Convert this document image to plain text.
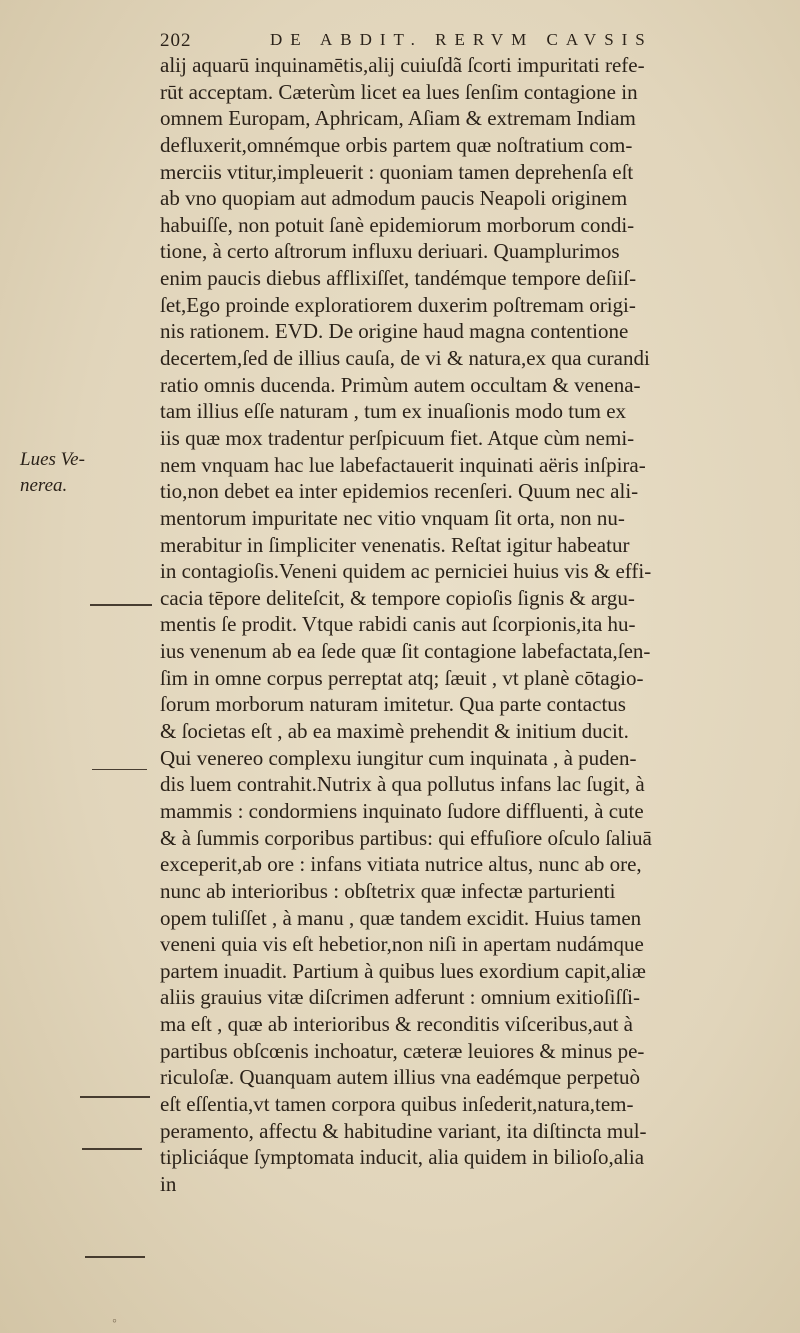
202	DE ABDIT. RERVM CAVSIS
Lues Ve-
nerea.
alij aquarū inquinamētis,alij cuiuſdã ſcorti impuritati refe-
rūt acceptam. Cæterùm licet ea lues ſenſim contagione in
omnem Europam, Aphricam, Aſiam & extremam Indiam
defluxerit,omnémque orbis partem quæ noſtratium com-
merciis vtitur,impleuerit : quoniam tamen deprehenſa eſt
ab vno quopiam aut admodum paucis Neapoli originem
habuiſſe, non potuit ſanè epidemiorum morborum condi-
tione, à certo aſtrorum influxu deriuari. Quamplurimos
enim paucis diebus afflixiſſet, tandémque tempore deſiiſ-
ſet,Ego proinde exploratiorem duxerim poſtremam origi-
nis rationem. EVD. De origine haud magna contentione
decertem,ſed de illius cauſa, de vi & natura,ex qua curandi
ratio omnis ducenda. Primùm autem occultam & venena-
tam illius eſſe naturam , tum ex inuaſionis modo tum ex
iis quæ mox tradentur perſpicuum fiet. Atque cùm nemi-
nem vnquam hac lue labefactauerit inquinati aëris inſpira-
tio,non debet ea inter epidemios recenſeri. Quum nec ali-
mentorum impuritate nec vitio vnquam ſit orta, non nu-
merabitur in ſimpliciter venenatis. Reſtat igitur habeatur
in contagioſis.Veneni quidem ac perniciei huius vis & effi-
cacia tēpore deliteſcit, & tempore copioſis ſignis & argu-
mentis ſe prodit. Vtque rabidi canis aut ſcorpionis,ita hu-
ius venenum ab ea ſede quæ ſit contagione labefactata,ſen-
ſim in omne corpus perreptat atq; ſæuit , vt planè cōtagio-
ſorum morborum naturam imitetur. Qua parte contactus
& ſocietas eſt , ab ea maximè prehendit & initium ducit.
Qui venereo complexu iungitur cum inquinata , à puden-
dis luem contrahit.Nutrix à qua pollutus infans lac ſugit, à
mammis : condormiens inquinato ſudore diffluenti, à cute
& à ſummis corporibus partibus: qui effuſiore oſculo ſaliuā
exceperit,ab ore : infans vitiata nutrice altus, nunc ab ore,
nunc ab interioribus : obſtetrix quæ infectæ parturienti
opem tuliſſet , à manu , quæ tandem excidit. Huius tamen
veneni quia vis eſt hebetior,non niſi in apertam nudámque
partem inuadit. Partium à quibus lues exordium capit,aliæ
aliis grauius vitæ diſcrimen adferunt : omnium exitioſiſſi-
ma eſt , quæ ab interioribus & reconditis viſceribus,aut à
partibus obſcœnis inchoatur, cæteræ leuiores & minus pe-
riculoſæ. Quanquam autem illius vna eadémque perpetuò
eſt eſſentia,vt tamen corpora quibus inſederit,natura,tem-
peramento, affectu & habitudine variant, ita diſtincta mul-
tipliciáque ſymptomata inducit, alia quidem in bilioſo,alia
in
◦
